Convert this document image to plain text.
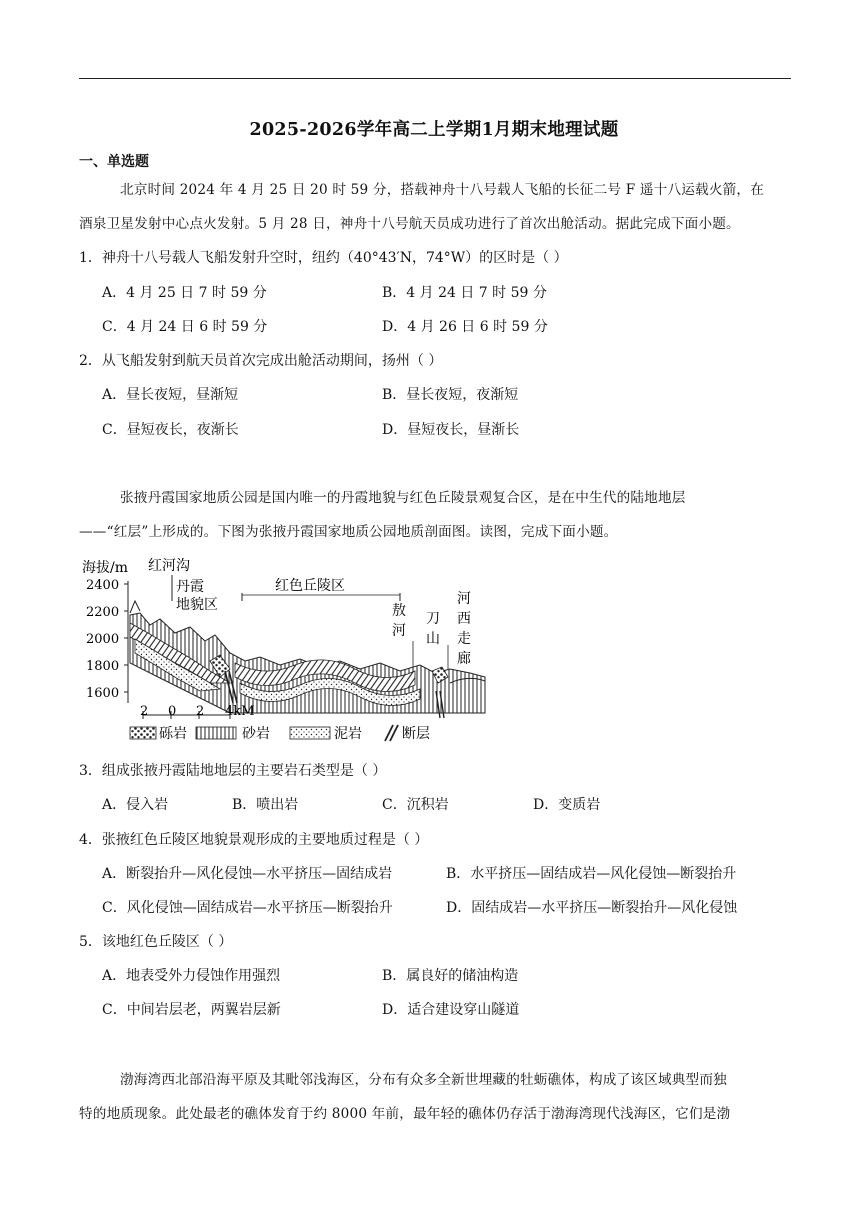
2025-2026学年高二上学期1月期末地理试题
一、单选题
北京时间 2024 年 4 月 25 日 20 时 59 分，搭载神舟十八号载人飞船的长征二号 F 遥十八运载火箭，在
酒泉卫星发射中心点火发射。5 月 28 日，神舟十八号航天员成功进行了首次出舱活动。据此完成下面小题。
1．神舟十八号载人飞船发射升空时，纽约（40°43′N，74°W）的区时是（ ）
A．4 月 25 日 7 时 59 分	B．4 月 24 日 7 时 59 分
C．4 月 24 日 6 时 59 分	D．4 月 26 日 6 时 59 分
2．从飞船发射到航天员首次完成出舱活动期间，扬州（ ）
A．昼长夜短，昼渐短	B．昼长夜短，夜渐短
C．昼短夜长，夜渐长	D．昼短夜长，昼渐长
张掖丹霞国家地质公园是国内唯一的丹霞地貌与红色丘陵景观复合区，是在中生代的陆地地层
——“红层”上形成的。下图为张掖丹霞国家地质公园地质剖面图。读图，完成下面小题。
海拔/m
2400
2200
2000
1800
1600
红河沟
丹霞
地貌区
红色丘陵区
敖
河
刀
山
河
西
走
廊
2 0 2 4kM
砾岩	砂岩	泥岩	断层
3．组成张掖丹霞陆地地层的主要岩石类型是（ ）
A．侵入岩	B．喷出岩	C．沉积岩	D．变质岩
4．张掖红色丘陵区地貌景观形成的主要地质过程是（ ）
A．断裂抬升—风化侵蚀—水平挤压—固结成岩	B．水平挤压—固结成岩—风化侵蚀—断裂抬升
C．风化侵蚀—固结成岩—水平挤压—断裂抬升	D．固结成岩—水平挤压—断裂抬升—风化侵蚀
5．该地红色丘陵区（ ）
A．地表受外力侵蚀作用强烈	B．属良好的储油构造
C．中间岩层老，两翼岩层新	D．适合建设穿山隧道
渤海湾西北部沿海平原及其毗邻浅海区，分布有众多全新世埋藏的牡蛎礁体，构成了该区域典型而独
特的地质现象。此处最老的礁体发育于约 8000 年前，最年轻的礁体仍存活于渤海湾现代浅海区，它们是渤
